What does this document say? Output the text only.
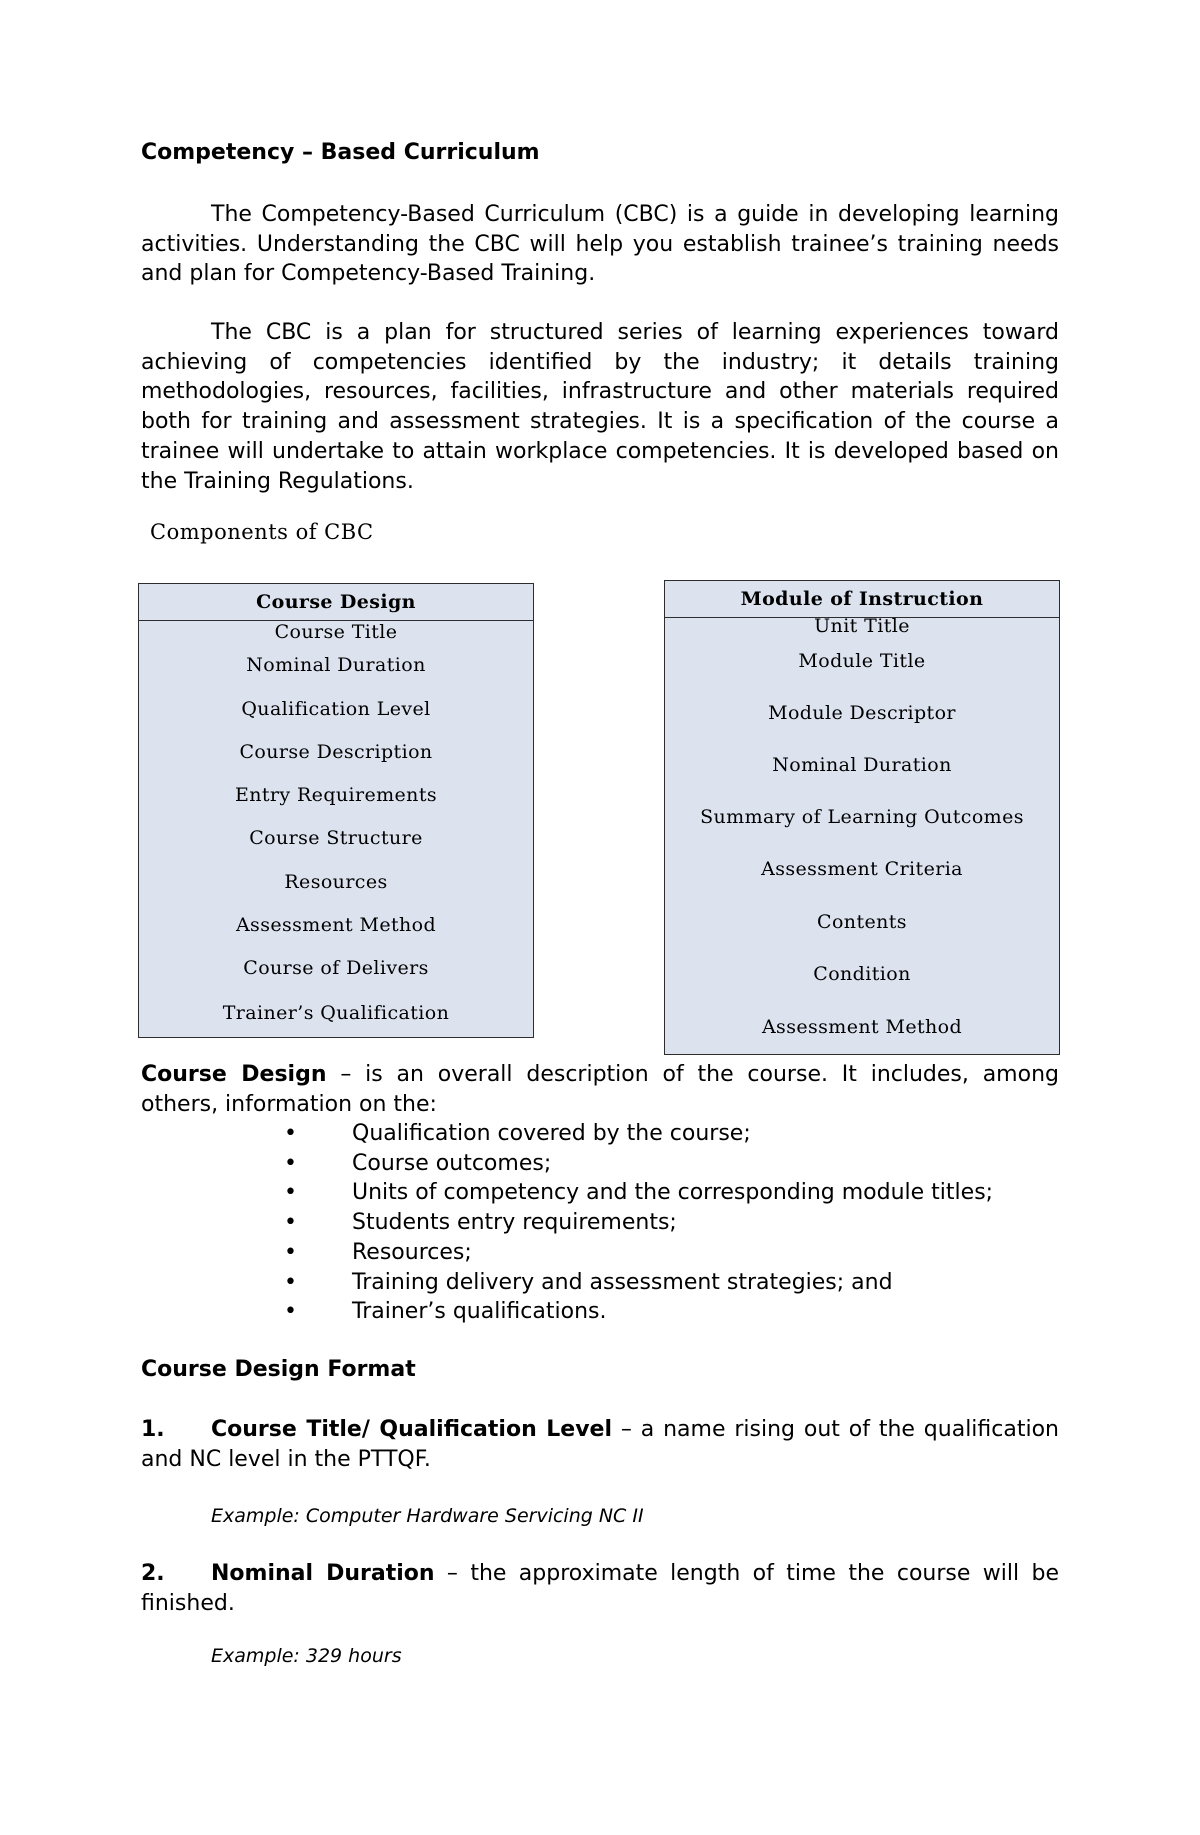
Competency – Based Curriculum

The Competency-Based Curriculum (CBC) is a guide in developing learning activities. Understanding the CBC will help you establish trainee’s training needs and plan for Competency-Based Training.

The CBC is a plan for structured series of learning experiences toward achieving of competencies identified by the industry; it details training methodologies, resources, facilities, infrastructure and other materials required both for training and assessment strategies. It is a specification of the course a trainee will undertake to attain workplace competencies. It is developed based on the Training Regulations.

Components of CBC
Course Design
Course Title
Nominal Duration
Qualification Level
Course Description
Entry Requirements
Course Structure
Resources
Assessment Method
Course of Delivers
Trainer’s Qualification
Module of Instruction
Unit Title
Module Title
Module Descriptor
Nominal Duration
Summary of Learning Outcomes
Assessment Criteria
Contents
Condition
Assessment Method

Course Design – is an overall description of the course. It includes, among others, information on the:

•	Qualification covered by the course;
•	Course outcomes;
•	Units of competency and the corresponding module titles;
•	Students entry requirements;
•	Resources;
•	Training delivery and assessment strategies; and
•	Trainer’s qualifications.
Course Design Format

1. Course Title/ Qualification Level – a name rising out of the qualification and NC level in the PTTQF.

Example: Computer Hardware Servicing NC II

2. Nominal Duration – the approximate length of time the course will be finished.

Example: 329 hours
